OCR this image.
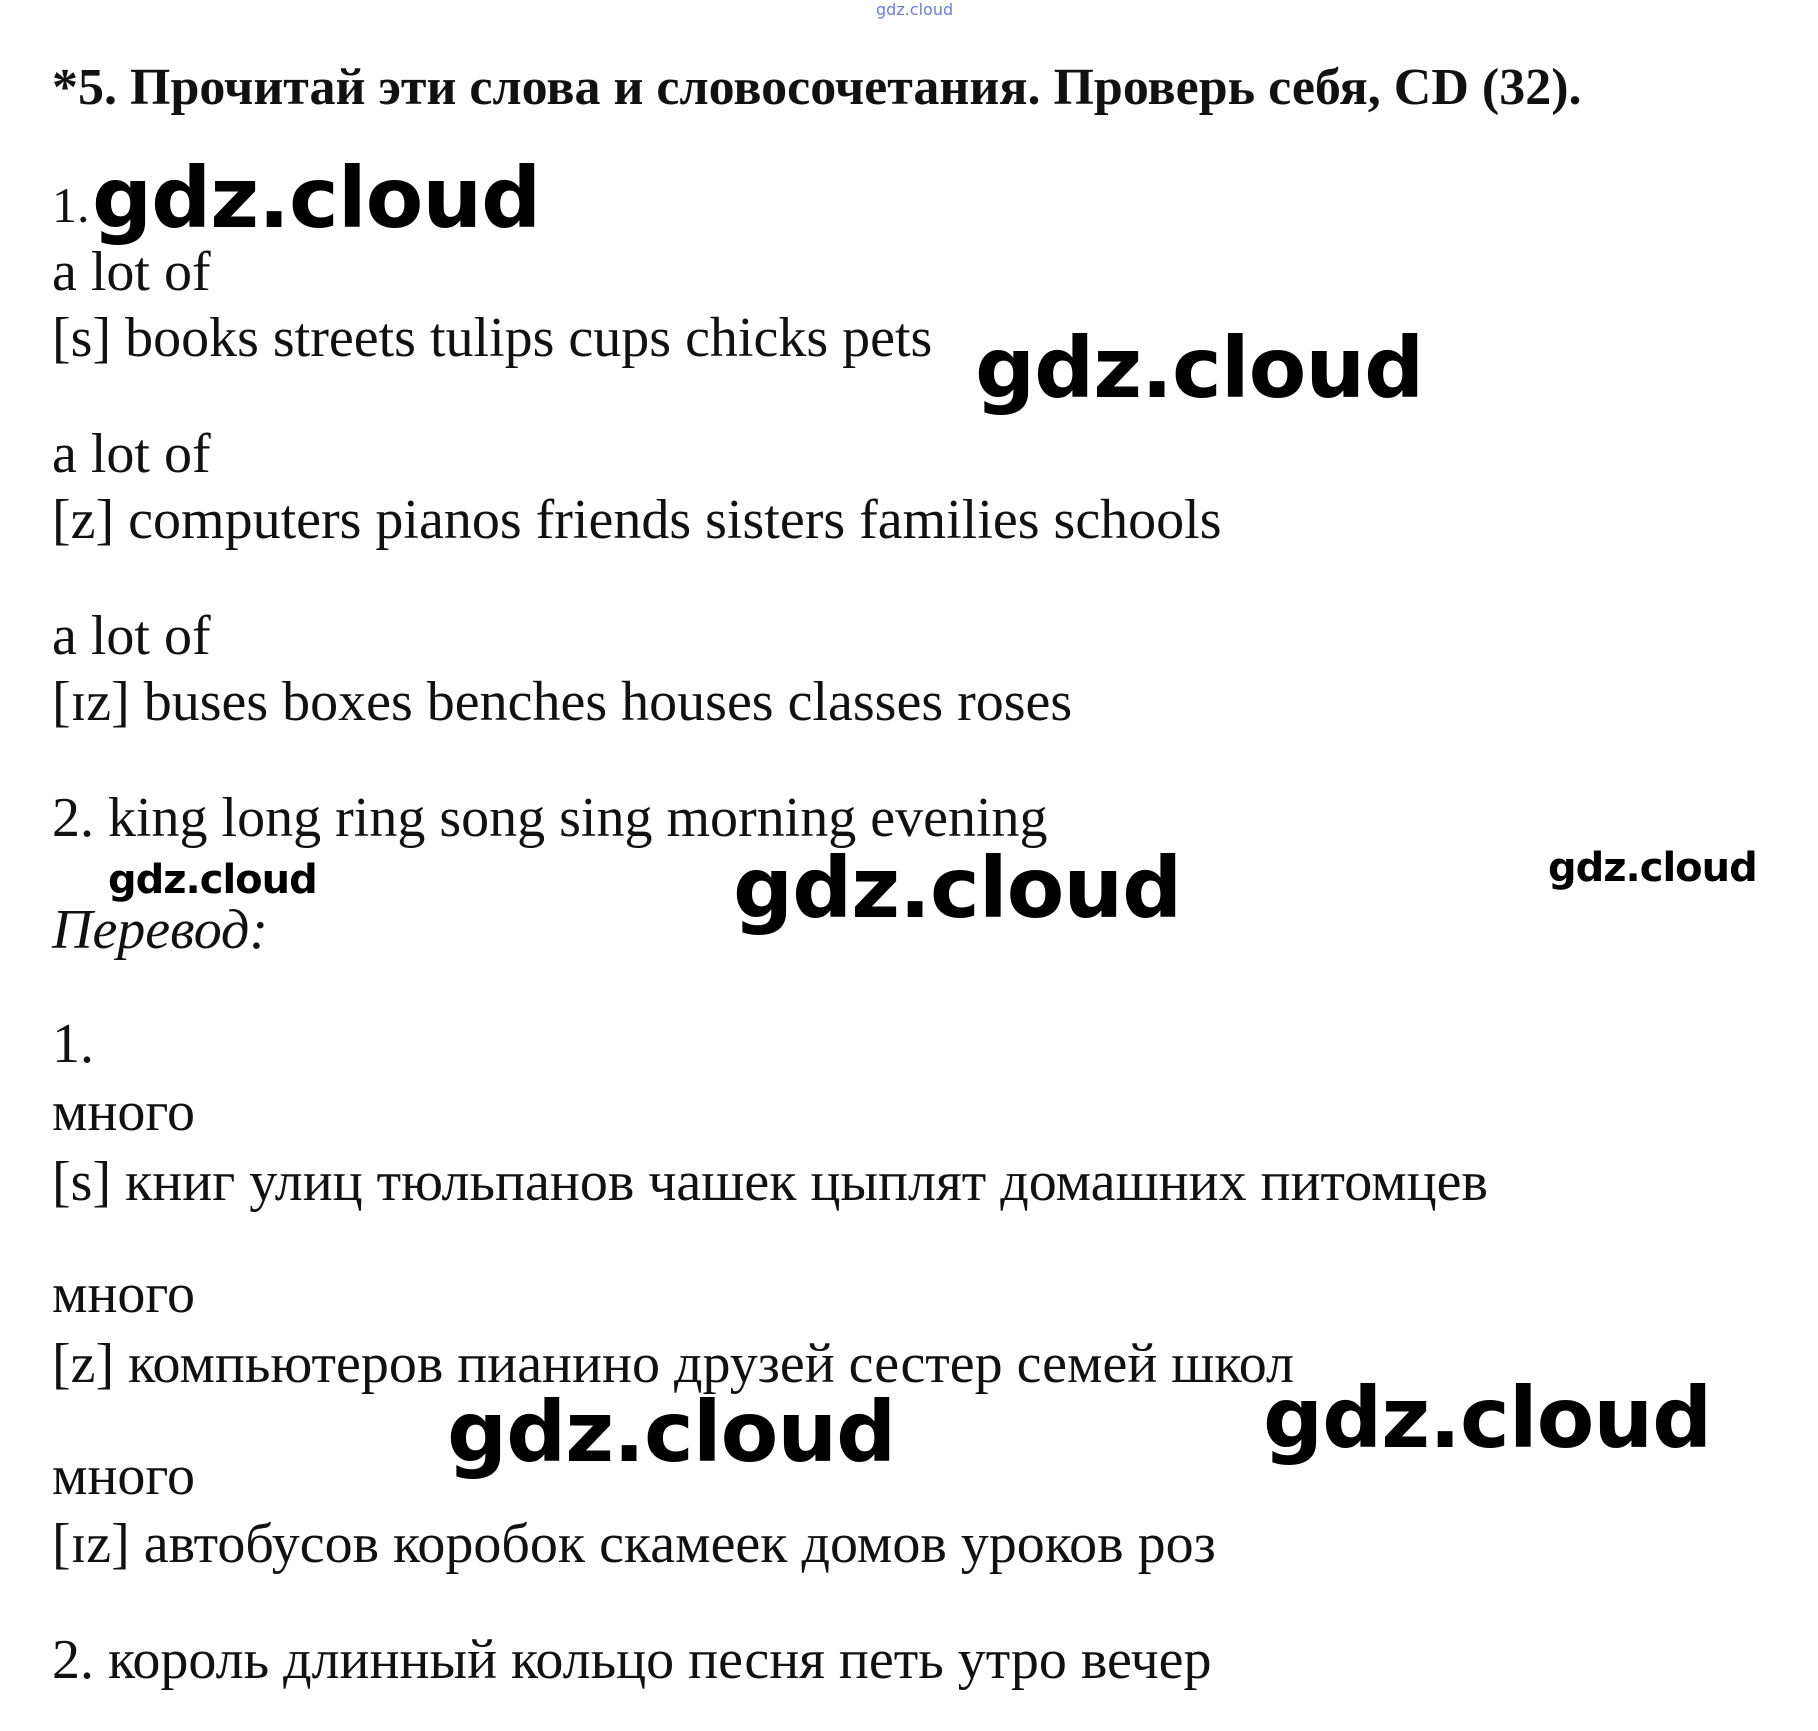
gdz.cloud
*5. Прочитай эти слова и словосочетания. Проверь себя, CD (32).
1.
a lot of
[s] books streets tulips cups chicks pets
a lot of
[z] computers pianos friends sisters families schools
a lot of
[ɪz] buses boxes benches houses classes roses
2. king long ring song sing morning evening
Перевод:
1.
много
[s] книг улиц тюльпанов чашек цыплят домашних питомцев
много
[z] компьютеров пианино друзей сестер семей школ
много
[ɪz] автобусов коробок скамеек домов уроков роз
2. король длинный кольцо песня петь утро вечер
gdz.cloud
gdz.cloud
gdz.cloud	gdz.cloud	gdz.cloud
gdz.cloud	gdz.cloud
